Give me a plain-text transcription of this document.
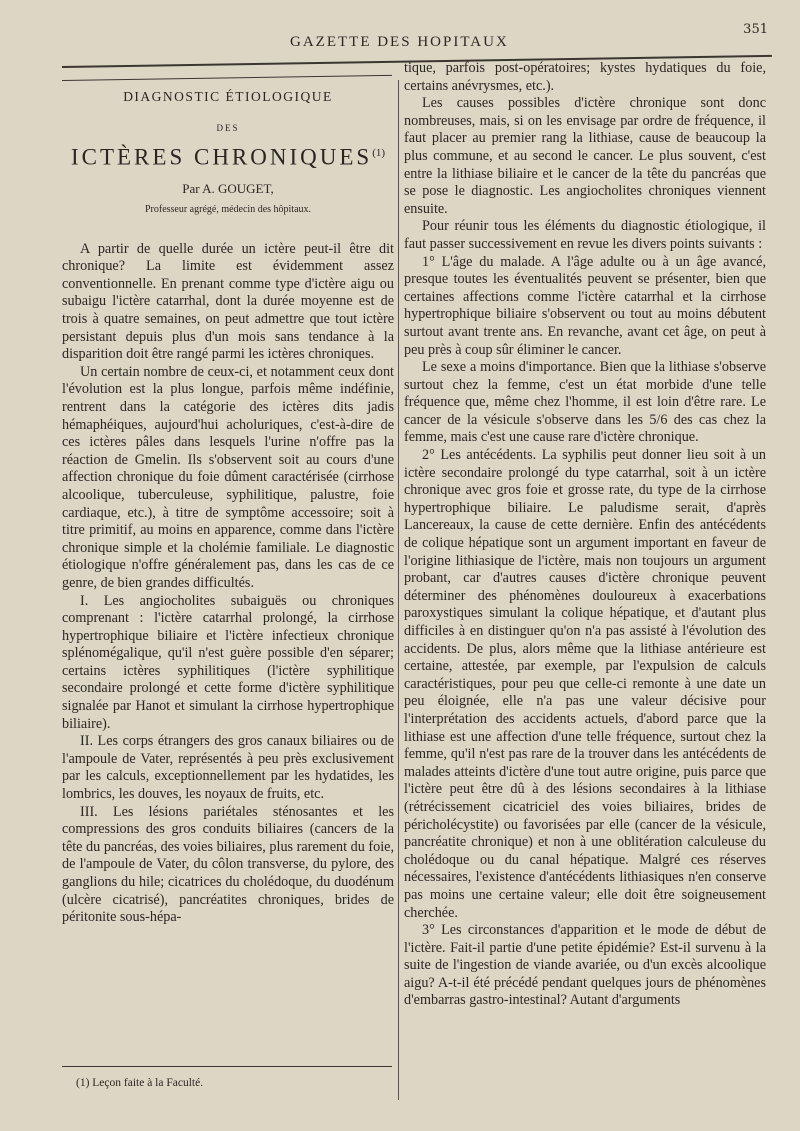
GAZETTE DES HOPITAUX
351
DIAGNOSTIC ÉTIOLOGIQUE
DES
ICTÈRES CHRONIQUES$^{(1)}$
Par A. GOUGET,
Professeur agrégé, médecin des hôpitaux.

A partir de quelle durée un ictère peut-il être dit chronique? La limite est évidemment assez conventionnelle. En prenant comme type d'ictère aigu ou subaigu l'ictère catarrhal, dont la durée moyenne est de trois à quatre semaines, on peut admettre que tout ictère persistant depuis plus d'un mois sans tendance à la disparition doit être rangé parmi les ictères chroniques.

Un certain nombre de ceux-ci, et notamment ceux dont l'évolution est la plus longue, parfois même indéfinie, rentrent dans la catégorie des ictères dits jadis hémaphéiques, aujourd'hui acholuriques, c'est-à-dire de ces ictères pâles dans lesquels l'urine n'offre pas la réaction de Gmelin. Ils s'observent soit au cours d'une affection chronique du foie dûment caractérisée (cirrhose alcoolique, tuberculeuse, syphilitique, palustre, foie cardiaque, etc.), à titre de symptôme accessoire; soit à titre primitif, au moins en apparence, comme dans l'ictère chronique simple et la cholémie familiale. Le diagnostic étiologique n'offre généralement pas, dans les cas de ce genre, de bien grandes difficultés.

I. Les angiocholites subaiguës ou chroniques comprenant : l'ictère catarrhal prolongé, la cirrhose hypertrophique biliaire et l'ictère infectieux chronique splénomégalique, qu'il n'est guère possible d'en séparer; certains ictères syphilitiques (l'ictère syphilitique secondaire prolongé et cette forme d'ictère syphilitique signalée par Hanot et simulant la cirrhose hypertrophique biliaire).

II. Les corps étrangers des gros canaux biliaires ou de l'ampoule de Vater, représentés à peu près exclusivement par les calculs, exceptionnellement par les hydatides, les lombrics, les douves, les noyaux de fruits, etc.

III. Les lésions pariétales sténosantes et les compressions des gros conduits biliaires (cancers de la tête du pancréas, des voies biliaires, plus rarement du foie, de l'ampoule de Vater, du côlon transverse, du pylore, des ganglions du hile; cicatrices du cholédoque, du duodénum (ulcère cicatrisé), pancréatites chroniques, brides de péritonite sous-hépa-

tique, parfois post-opératoires; kystes hydatiques du foie, certains anévrysmes, etc.).

Les causes possibles d'ictère chronique sont donc nombreuses, mais, si on les envisage par ordre de fréquence, il faut placer au premier rang la lithiase, cause de beaucoup la plus commune, et au second le cancer. Le plus souvent, c'est entre la lithiase biliaire et le cancer de la tête du pancréas que se pose le diagnostic. Les angiocholites chroniques viennent ensuite.

Pour réunir tous les éléments du diagnostic étiologique, il faut passer successivement en revue les divers points suivants :

1° L'âge du malade. A l'âge adulte ou à un âge avancé, presque toutes les éventualités peuvent se présenter, bien que certaines affections comme l'ictère catarrhal et la cirrhose hypertrophique biliaire s'observent ou tout au moins débutent surtout avant trente ans. En revanche, avant cet âge, on peut à peu près à coup sûr éliminer le cancer.

Le sexe a moins d'importance. Bien que la lithiase s'observe surtout chez la femme, c'est un état morbide d'une telle fréquence que, même chez l'homme, il est loin d'être rare. Le cancer de la vésicule s'observe dans les 5/6 des cas chez la femme, mais c'est une cause rare d'ictère chronique.

2° Les antécédents. La syphilis peut donner lieu soit à un ictère secondaire prolongé du type catarrhal, soit à un ictère chronique avec gros foie et grosse rate, du type de la cirrhose hypertrophique biliaire. Le paludisme serait, d'après Lancereaux, la cause de cette dernière. Enfin des antécédents de colique hépatique sont un argument important en faveur de l'origine lithiasique de l'ictère, mais non toujours un argument probant, car d'autres causes d'ictère chronique peuvent déterminer des phénomènes douloureux à exacerbations paroxystiques simulant la colique hépatique, et d'autant plus difficiles à en distinguer qu'on n'a pas assisté à l'évolution des accidents. De plus, alors même que la lithiase antérieure est certaine, attestée, par exemple, par l'expulsion de calculs caractéristiques, pour peu que celle-ci remonte à une date un peu éloignée, elle n'a pas une valeur décisive pour l'interprétation des accidents actuels, d'abord parce que la lithiase est une affection d'une telle fréquence, surtout chez la femme, qu'il n'est pas rare de la trouver dans les antécédents de malades atteints d'ictère d'une tout autre origine, puis parce que l'ictère peut être dû à des lésions secondaires à la lithiase (rétrécissement cicatriciel des voies biliaires, brides de péricholécystite) ou favorisées par elle (cancer de la vésicule, pancréatite chronique) et non à une oblitération calculeuse du cholédoque ou du canal hépatique. Malgré ces réserves nécessaires, l'existence d'antécédents lithiasiques n'en conserve pas moins une certaine valeur; elle doit être soigneusement cherchée.

3° Les circonstances d'apparition et le mode de début de l'ictère. Fait-il partie d'une petite épidémie? Est-il survenu à la suite de l'ingestion de viande avariée, ou d'un excès alcoolique aigu? A-t-il été précédé pendant quelques jours de phénomènes d'embarras gastro-intestinal? Autant d'arguments

(1) Leçon faite à la Faculté.
